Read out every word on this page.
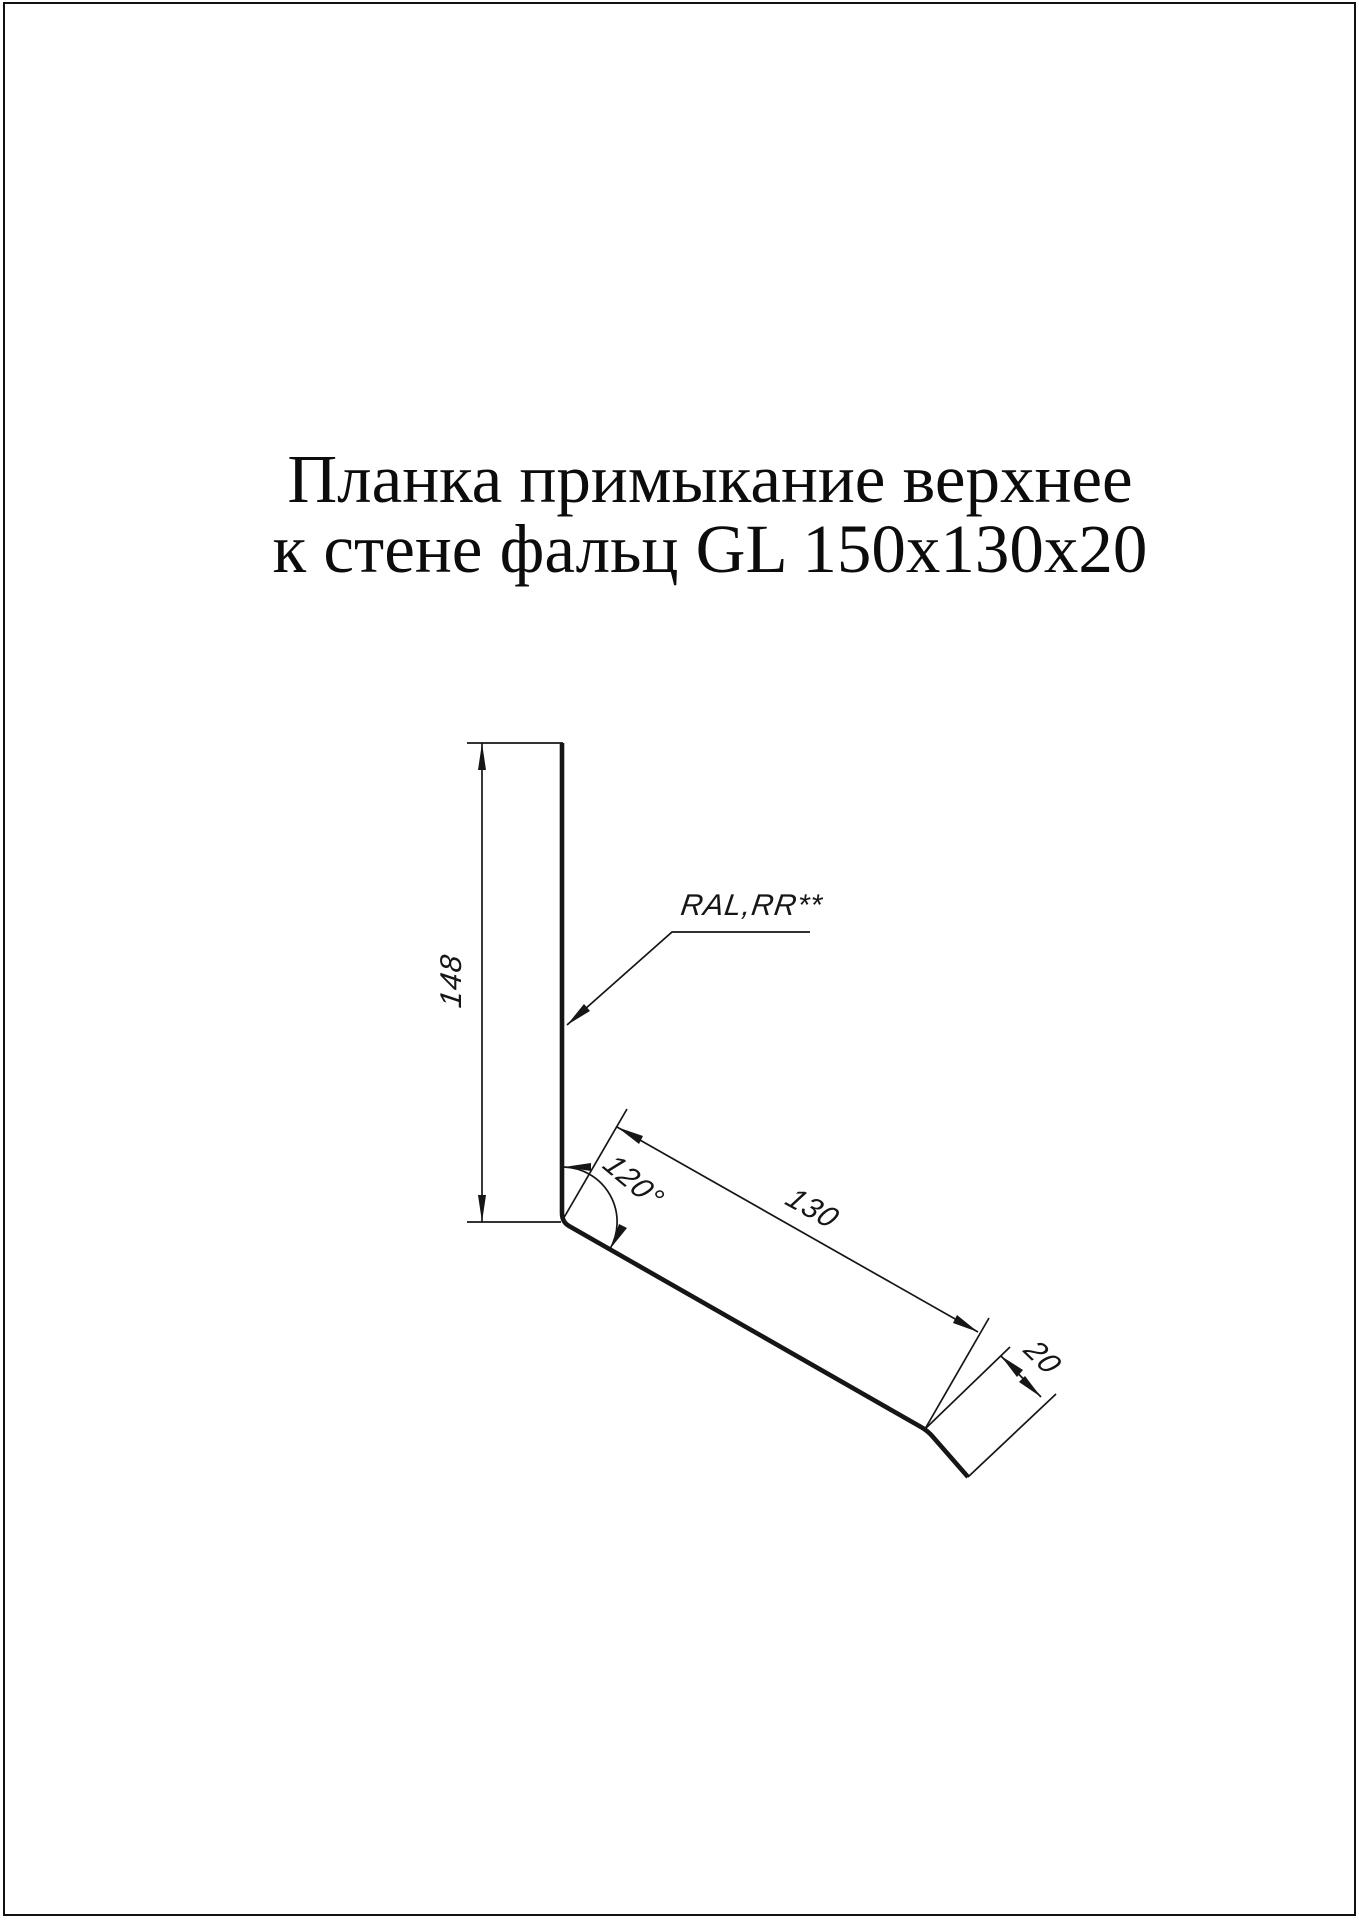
Планка примыкание верхнее
к стене фальц GL 150x130x20
148
130
20
120°
RAL,RR**
